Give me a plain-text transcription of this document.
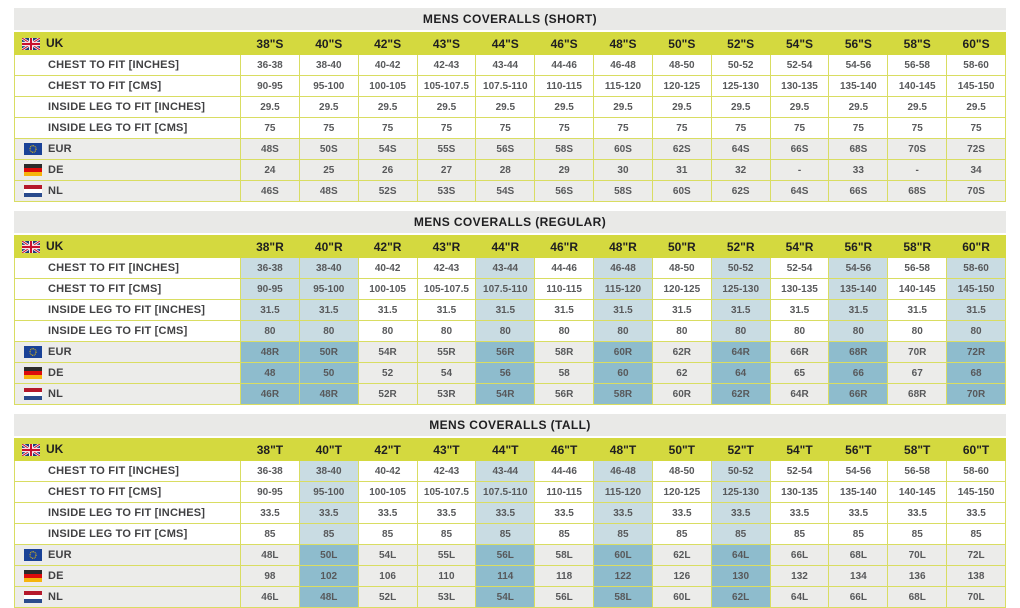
MENS COVERALLS (SHORT)
UK	38"S	40"S	42"S	43"S	44"S	46"S	48"S	50"S	52"S	54"S	56"S	58"S	60"S

CHEST TO FIT [INCHES]	36-38	38-40	40-42	42-43	43-44	44-46	46-48	48-50	50-52	52-54	54-56	56-58	58-60

CHEST TO FIT [CMS]	90-95	95-100	100-105	105-107.5	107.5-110	110-115	115-120	120-125	125-130	130-135	135-140	140-145	145-150

INSIDE LEG TO FIT [INCHES]	29.5	29.5	29.5	29.5	29.5	29.5	29.5	29.5	29.5	29.5	29.5	29.5	29.5

INSIDE LEG TO FIT [CMS]	75	75	75	75	75	75	75	75	75	75	75	75	75

EUR	48S	50S	54S	55S	56S	58S	60S	62S	64S	66S	68S	70S	72S

DE	24	25	26	27	28	29	30	31	32	-	33	-	34

NL	46S	48S	52S	53S	54S	56S	58S	60S	62S	64S	66S	68S	70S
MENS COVERALLS (REGULAR)
UK	38"R	40"R	42"R	43"R	44"R	46"R	48"R	50"R	52"R	54"R	56"R	58"R	60"R

CHEST TO FIT [INCHES]	36-38	38-40	40-42	42-43	43-44	44-46	46-48	48-50	50-52	52-54	54-56	56-58	58-60

CHEST TO FIT [CMS]	90-95	95-100	100-105	105-107.5	107.5-110	110-115	115-120	120-125	125-130	130-135	135-140	140-145	145-150

INSIDE LEG TO FIT [INCHES]	31.5	31.5	31.5	31.5	31.5	31.5	31.5	31.5	31.5	31.5	31.5	31.5	31.5

INSIDE LEG TO FIT [CMS]	80	80	80	80	80	80	80	80	80	80	80	80	80

EUR	48R	50R	54R	55R	56R	58R	60R	62R	64R	66R	68R	70R	72R

DE	48	50	52	54	56	58	60	62	64	65	66	67	68

NL	46R	48R	52R	53R	54R	56R	58R	60R	62R	64R	66R	68R	70R
MENS COVERALLS (TALL)
UK	38"T	40"T	42"T	43"T	44"T	46"T	48"T	50"T	52"T	54"T	56"T	58"T	60"T

CHEST TO FIT [INCHES]	36-38	38-40	40-42	42-43	43-44	44-46	46-48	48-50	50-52	52-54	54-56	56-58	58-60

CHEST TO FIT [CMS]	90-95	95-100	100-105	105-107.5	107.5-110	110-115	115-120	120-125	125-130	130-135	135-140	140-145	145-150

INSIDE LEG TO FIT [INCHES]	33.5	33.5	33.5	33.5	33.5	33.5	33.5	33.5	33.5	33.5	33.5	33.5	33.5

INSIDE LEG TO FIT [CMS]	85	85	85	85	85	85	85	85	85	85	85	85	85

EUR	48L	50L	54L	55L	56L	58L	60L	62L	64L	66L	68L	70L	72L

DE	98	102	106	110	114	118	122	126	130	132	134	136	138

NL	46L	48L	52L	53L	54L	56L	58L	60L	62L	64L	66L	68L	70L
